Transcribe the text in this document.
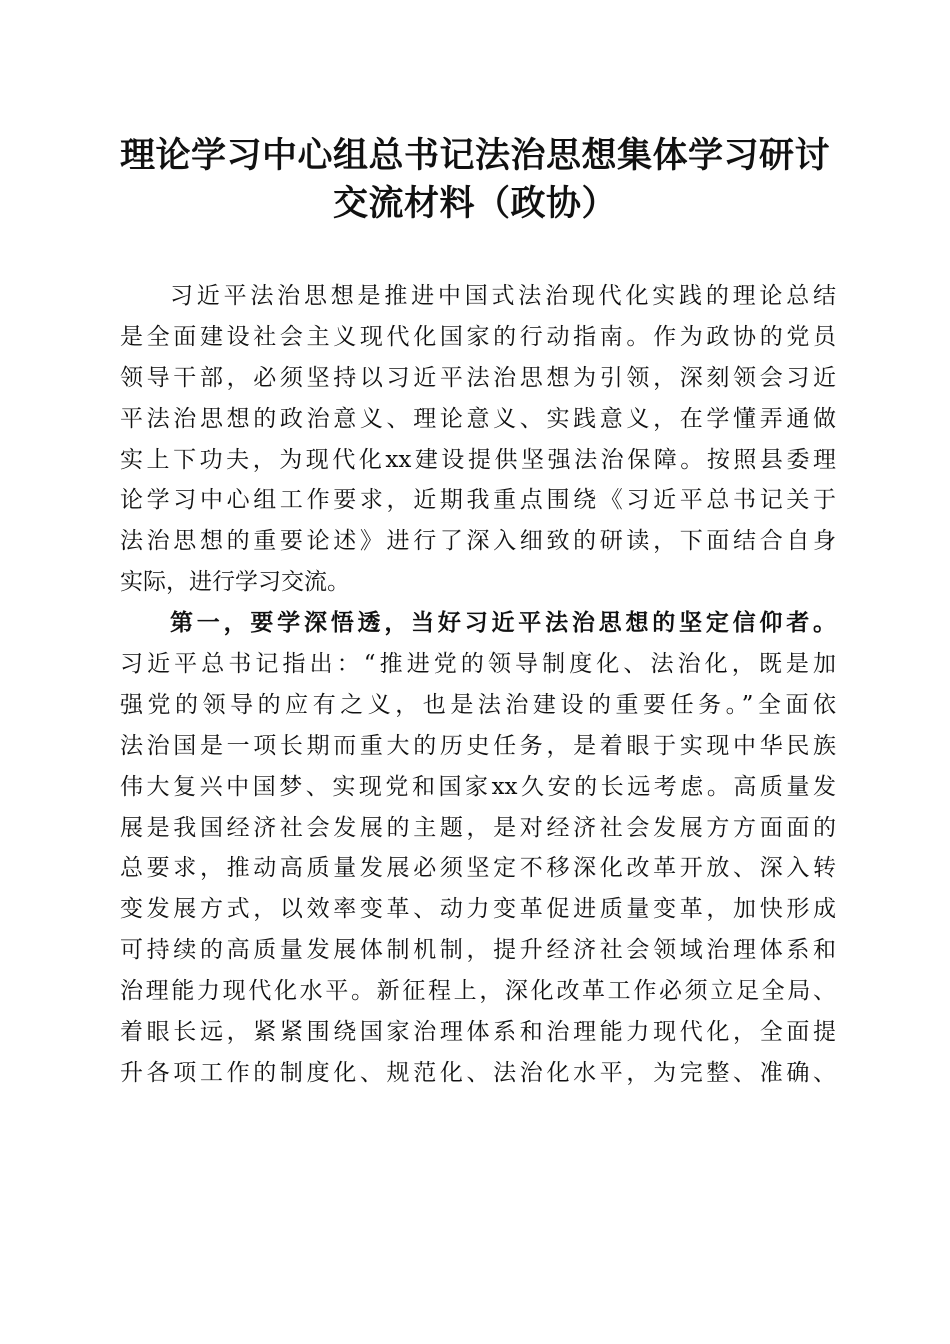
理论学习中心组总书记法治思想集体学习研讨
交流材料（政协）
习近平法治思想是推进中国式法治现代化实践的理论总结
是全面建设社会主义现代化国家的行动指南。作为政协的党员
领导干部，必须坚持以习近平法治思想为引领，深刻领会习近
平法治思想的政治意义、理论意义、实践意义，在学懂弄通做
实上下功夫，为现代化xx建设提供坚强法治保障。按照县委理
论学习中心组工作要求，近期我重点围绕《习近平总书记关于
法治思想的重要论述》进行了深入细致的研读，下面结合自身
实际，进行学习交流。
第一，要学深悟透，当好习近平法治思想的坚定信仰者。
习近平总书记指出：“推进党的领导制度化、法治化，既是加
强党的领导的应有之义，也是法治建设的重要任务。”全面依
法治国是一项长期而重大的历史任务，是着眼于实现中华民族
伟大复兴中国梦、实现党和国家xx久安的长远考虑。高质量发
展是我国经济社会发展的主题，是对经济社会发展方方面面的
总要求，推动高质量发展必须坚定不移深化改革开放、深入转
变发展方式，以效率变革、动力变革促进质量变革，加快形成
可持续的高质量发展体制机制，提升经济社会领域治理体系和
治理能力现代化水平。新征程上，深化改革工作必须立足全局、
着眼长远，紧紧围绕国家治理体系和治理能力现代化，全面提
升各项工作的制度化、规范化、法治化水平，为完整、准确、
